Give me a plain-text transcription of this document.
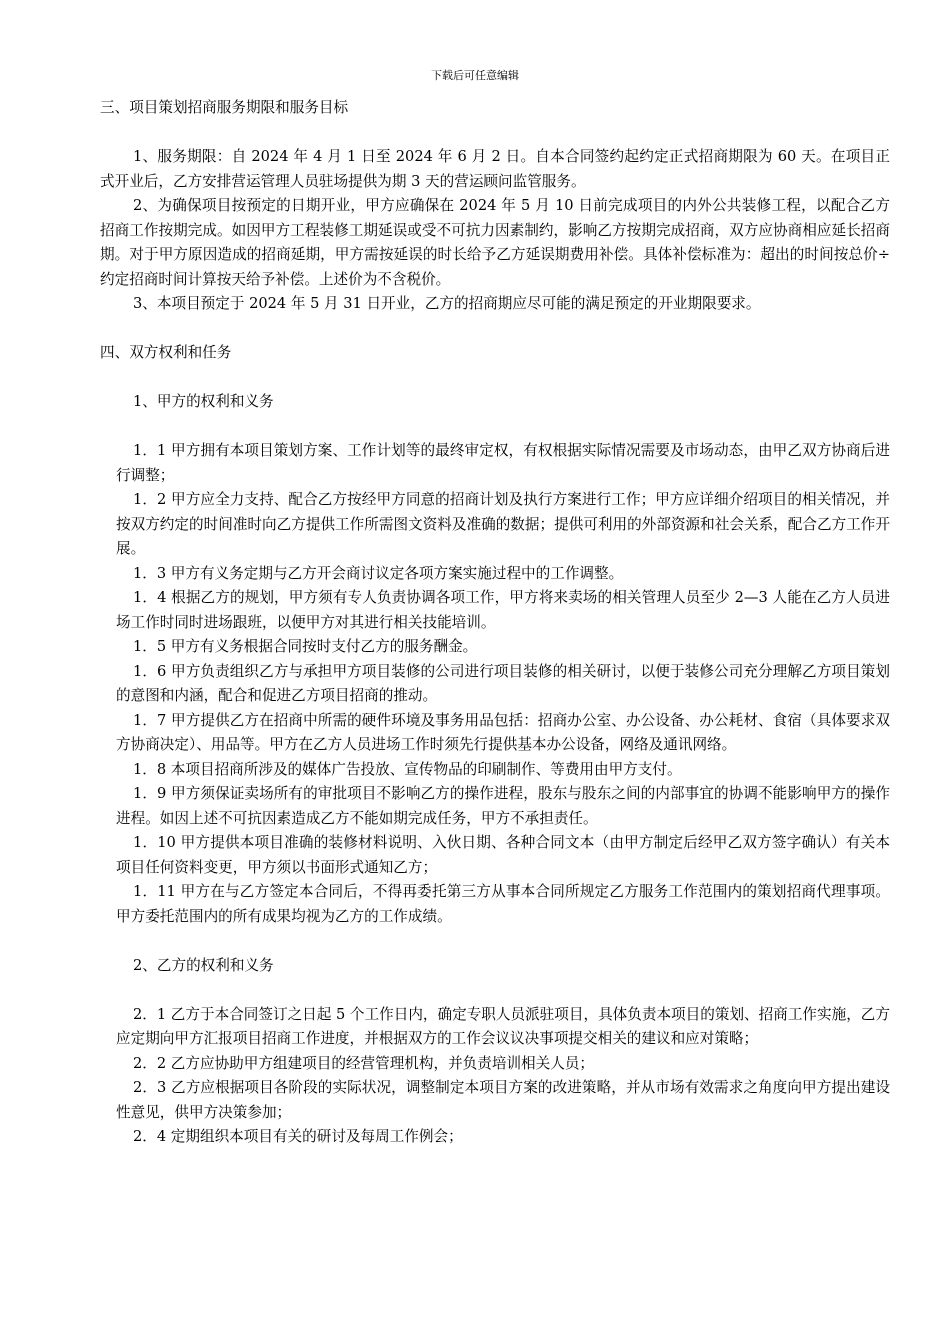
下载后可任意编辑

三、项目策划招商服务期限和服务目标

1、服务期限：自 2024 年 4 月 1 日至 2024 年 6 月 2 日。自本合同签约起约定正式招商期限为 60 天。在项目正式开业后，乙方安排营运管理人员驻场提供为期 3 天的营运顾问监管服务。

2、为确保项目按预定的日期开业，甲方应确保在 2024 年 5 月 10 日前完成项目的内外公共装修工程，以配合乙方招商工作按期完成。如因甲方工程装修工期延误或受不可抗力因素制约，影响乙方按期完成招商，双方应协商相应延长招商期。对于甲方原因造成的招商延期，甲方需按延误的时长给予乙方延误期费用补偿。具体补偿标准为：超出的时间按总价÷约定招商时间计算按天给予补偿。上述价为不含税价。

3、本项目预定于 2024 年 5 月 31 日开业，乙方的招商期应尽可能的满足预定的开业期限要求。

四、双方权利和任务

1、甲方的权利和义务

1．1 甲方拥有本项目策划方案、工作计划等的最终审定权，有权根据实际情况需要及市场动态，由甲乙双方协商后进行调整；

1．2 甲方应全力支持、配合乙方按经甲方同意的招商计划及执行方案进行工作；甲方应详细介绍项目的相关情况，并按双方约定的时间准时向乙方提供工作所需图文资料及准确的数据；提供可利用的外部资源和社会关系，配合乙方工作开展。

1．3 甲方有义务定期与乙方开会商讨议定各项方案实施过程中的工作调整。

1．4 根据乙方的规划，甲方须有专人负责协调各项工作，甲方将来卖场的相关管理人员至少 2—3 人能在乙方人员进场工作时同时进场跟班，以便甲方对其进行相关技能培训。

1．5 甲方有义务根据合同按时支付乙方的服务酬金。

1．6 甲方负责组织乙方与承担甲方项目装修的公司进行项目装修的相关研讨，以便于装修公司充分理解乙方项目策划的意图和内涵，配合和促进乙方项目招商的推动。

1．7 甲方提供乙方在招商中所需的硬件环境及事务用品包括：招商办公室、办公设备、办公耗材、食宿（具体要求双方协商决定）、用品等。甲方在乙方人员进场工作时须先行提供基本办公设备，网络及通讯网络。

1．8 本项目招商所涉及的媒体广告投放、宣传物品的印刷制作、等费用由甲方支付。

1．9 甲方须保证卖场所有的审批项目不影响乙方的操作进程，股东与股东之间的内部事宜的协调不能影响甲方的操作进程。如因上述不可抗因素造成乙方不能如期完成任务，甲方不承担责任。

1．10 甲方提供本项目准确的装修材料说明、入伙日期、各种合同文本（由甲方制定后经甲乙双方签字确认）有关本项目任何资料变更，甲方须以书面形式通知乙方；

1．11 甲方在与乙方签定本合同后，不得再委托第三方从事本合同所规定乙方服务工作范围内的策划招商代理事项。甲方委托范围内的所有成果均视为乙方的工作成绩。

2、乙方的权利和义务

2．1 乙方于本合同签订之日起 5 个工作日内，确定专职人员派驻项目，具体负责本项目的策划、招商工作实施，乙方应定期向甲方汇报项目招商工作进度，并根据双方的工作会议议决事项提交相关的建议和应对策略；

2．2 乙方应协助甲方组建项目的经营管理机构，并负责培训相关人员；

2．3 乙方应根据项目各阶段的实际状况，调整制定本项目方案的改进策略，并从市场有效需求之角度向甲方提出建设性意见，供甲方决策参加；

2．4 定期组织本项目有关的研讨及每周工作例会；
